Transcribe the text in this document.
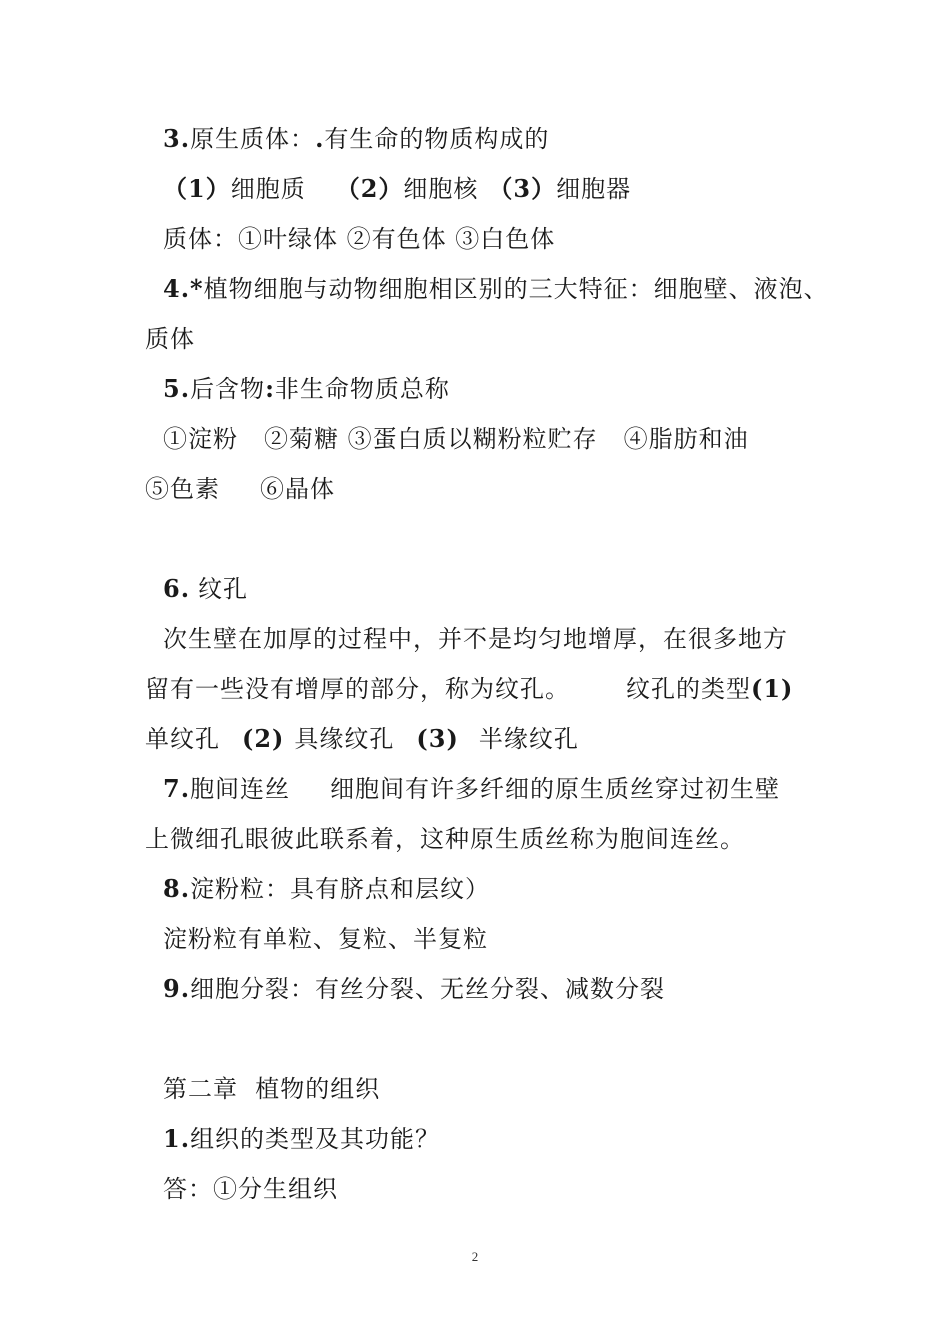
3.原生质体：.有生命的物质构成的
（1）细胞质 （2）细胞核 （3）细胞器
质体：①叶绿体 ②有色体 ③白色体
4.*植物细胞与动物细胞相区别的三大特征：细胞壁、液泡、
质体
5.后含物:非生命物质总称
①淀粉 ②菊糖 ③蛋白质以糊粉粒贮存 ④脂肪和油
⑤色素 ⑥晶体
6. 纹孔
次生壁在加厚的过程中，并不是均匀地增厚，在很多地方
留有一些没有增厚的部分，称为纹孔。 纹孔的类型(1)
单纹孔 (2) 具缘纹孔 (3) 半缘纹孔
7.胞间连丝 细胞间有许多纤细的原生质丝穿过初生壁
上微细孔眼彼此联系着，这种原生质丝称为胞间连丝。
8.淀粉粒：具有脐点和层纹）
淀粉粒有单粒、复粒、半复粒
9.细胞分裂：有丝分裂、无丝分裂、减数分裂
第二章  植物的组织
1.组织的类型及其功能？
答：①分生组织
2
